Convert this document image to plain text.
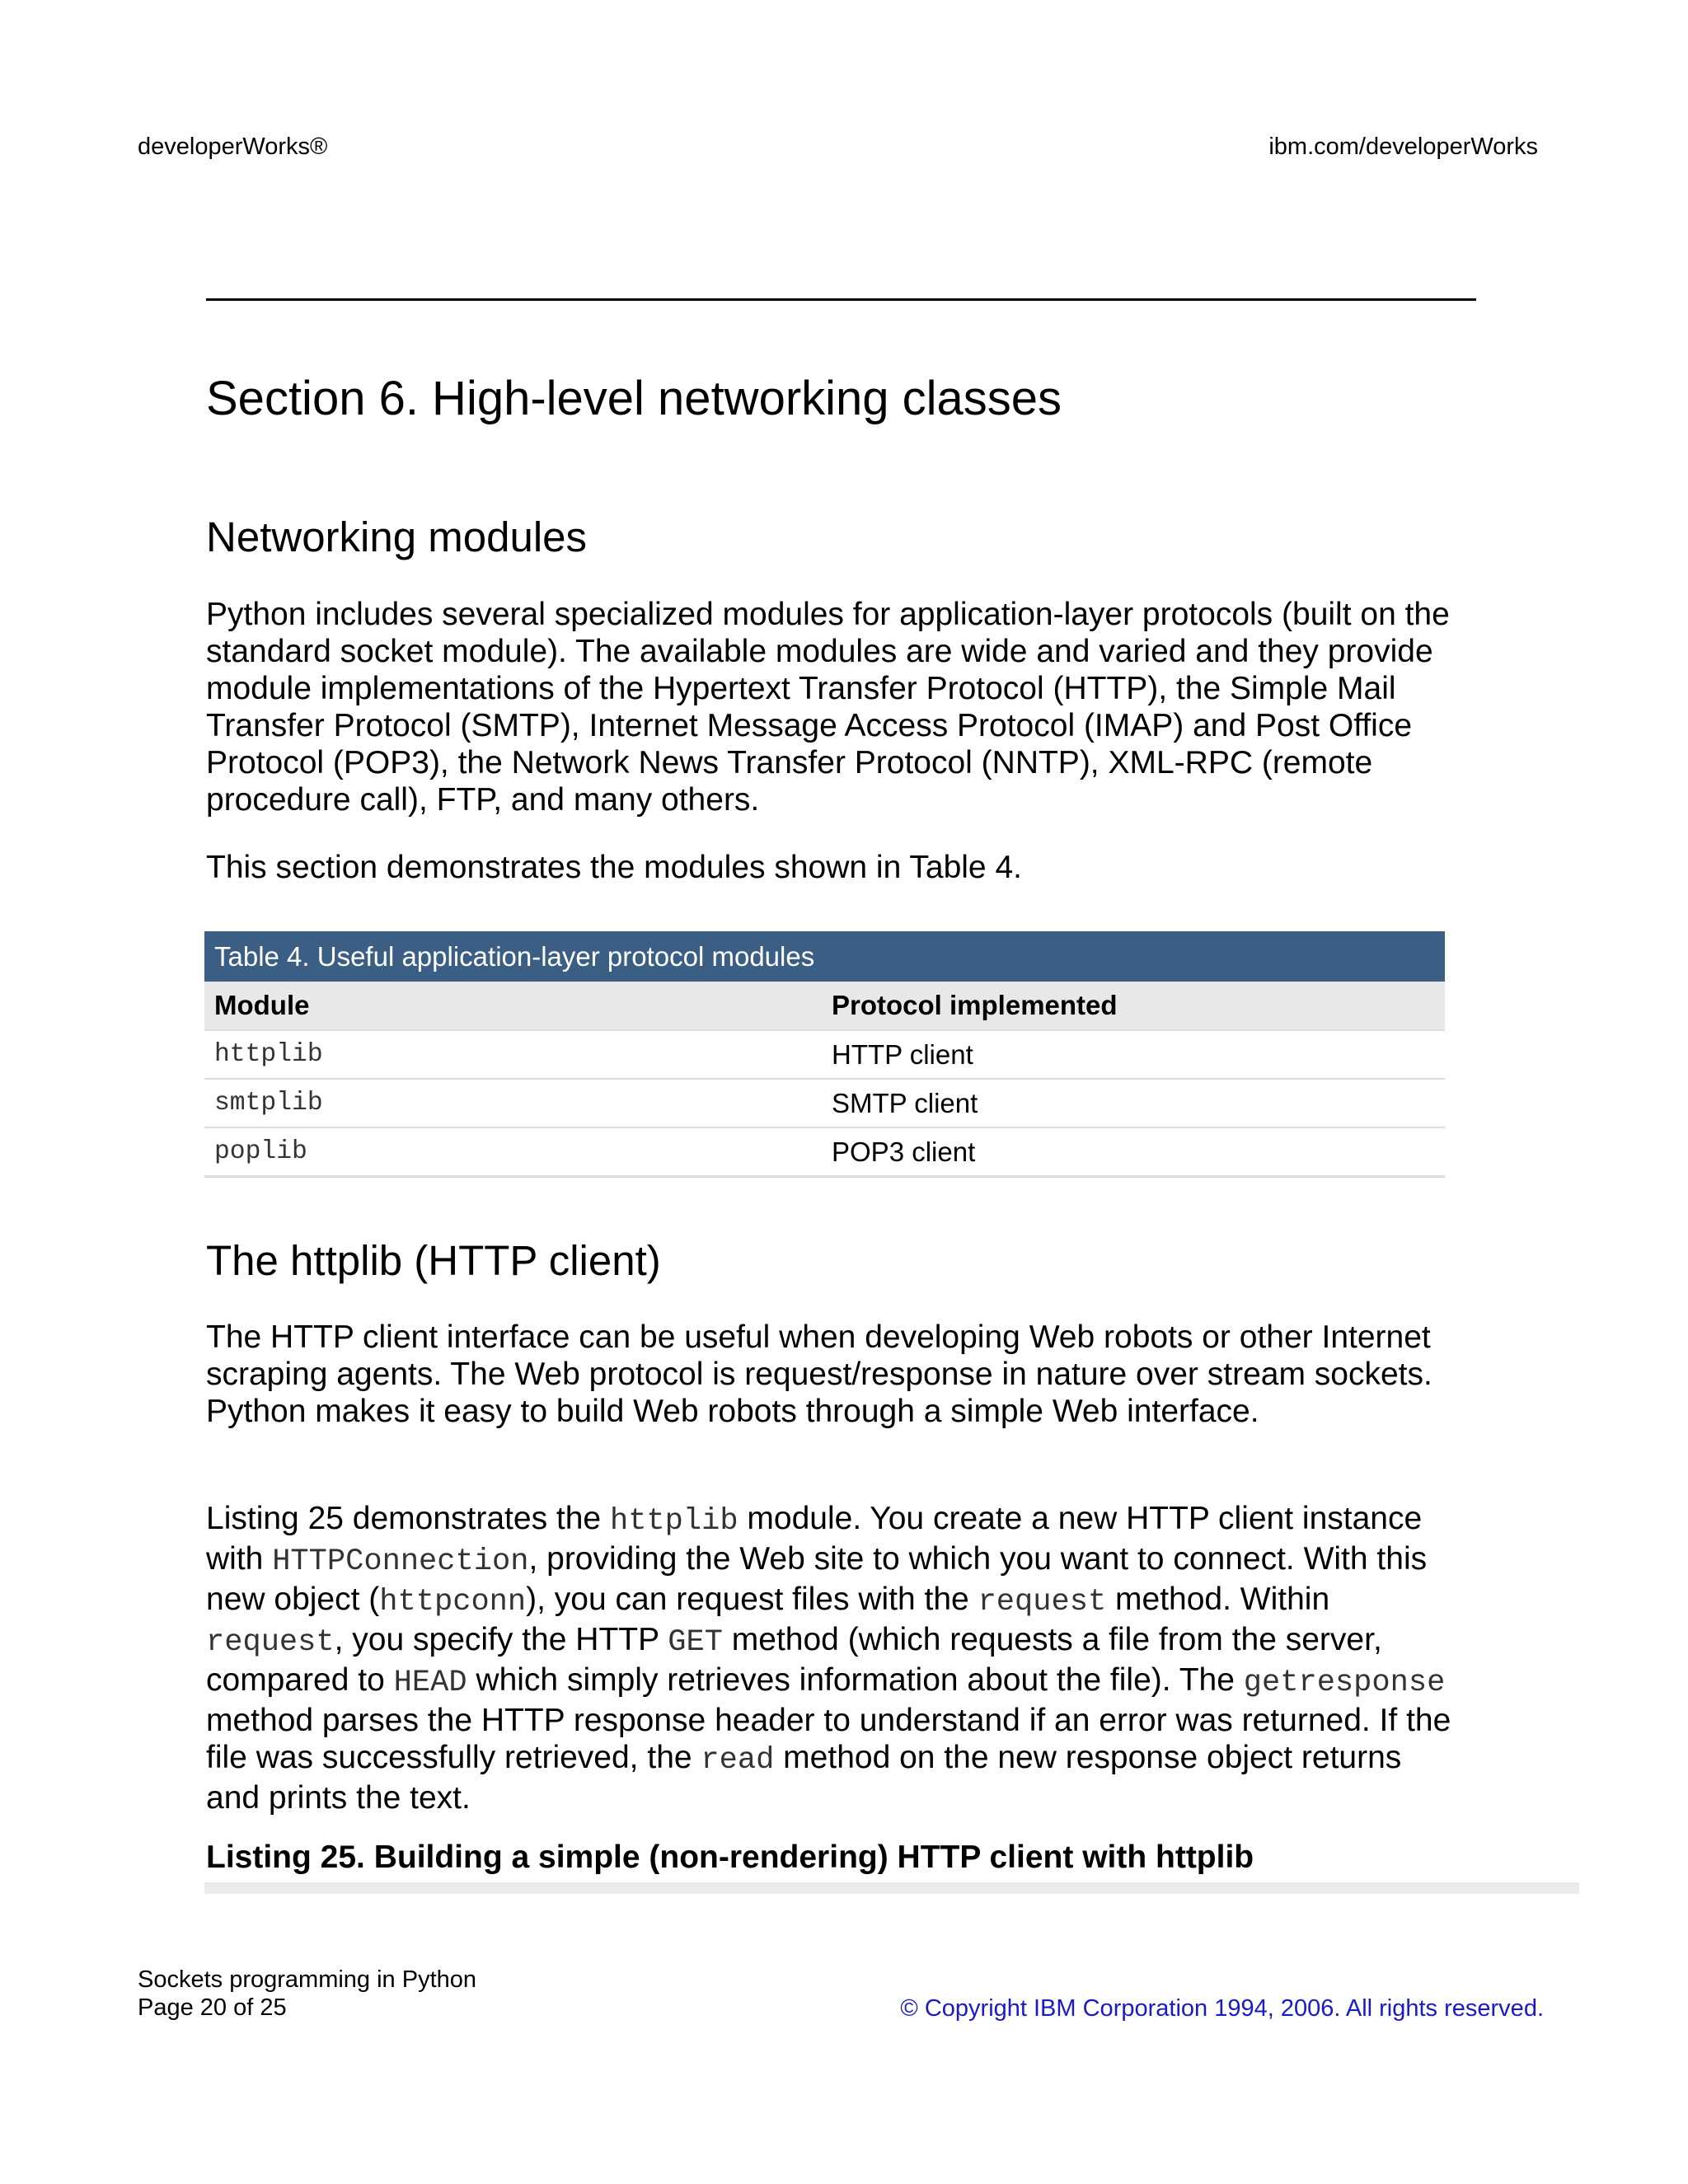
developerWorks®	ibm.com/developerWorks
Section 6. High-level networking classes
Networking modules

Python includes several specialized modules for application-layer protocols (built on the standard socket module). The available modules are wide and varied and they provide module implementations of the Hypertext Transfer Protocol (HTTP), the Simple Mail Transfer Protocol (SMTP), Internet Message Access Protocol (IMAP) and Post Office Protocol (POP3), the Network News Transfer Protocol (NNTP), XML-RPC (remote procedure call), FTP, and many others.

This section demonstrates the modules shown in Table 4.

Table 4. Useful application-layer protocol modules	
Module	Protocol implemented
httplib	HTTP client
smtplib	SMTP client
poplib	POP3 client
The httplib (HTTP client)

The HTTP client interface can be useful when developing Web robots or other Internet scraping agents. The Web protocol is request/response in nature over stream sockets. Python makes it easy to build Web robots through a simple Web interface.

Listing 25 demonstrates the httplib module. You create a new HTTP client instance with HTTPConnection, providing the Web site to which you want to connect. With this new object (httpconn), you can request files with the request method. Within request, you specify the HTTP GET method (which requests a file from the server, compared to HEAD which simply retrieves information about the file). The getresponse method parses the HTTP response header to understand if an error was returned. If the file was successfully retrieved, the read method on the new response object returns and prints the text.

Listing 25. Building a simple (non-rendering) HTTP client with httplib

Sockets programming in Python
Page 20 of 25	© Copyright IBM Corporation 1994, 2006. All rights reserved.
